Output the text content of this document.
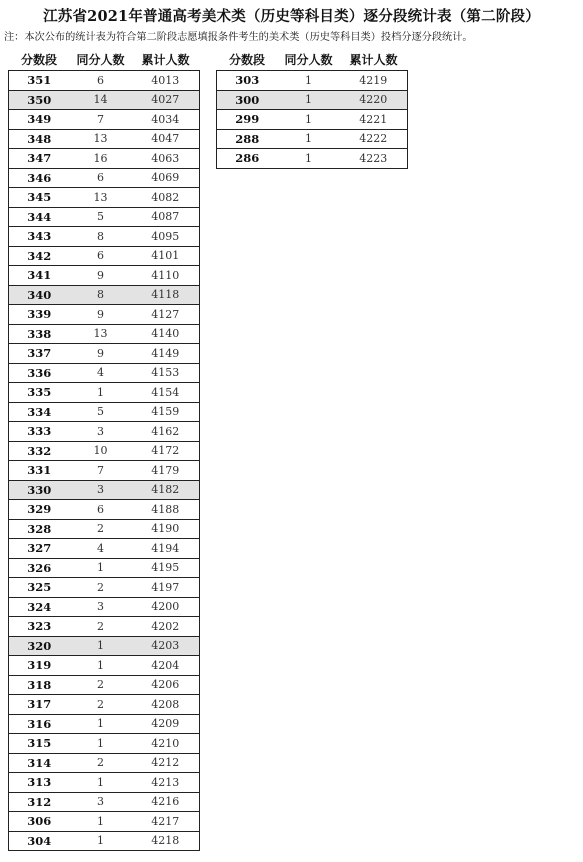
江苏省2021年普通高考美术类（历史等科目类）逐分段统计表（第二阶段）
注：本次公布的统计表为符合第二阶段志愿填报条件考生的美术类（历史等科目类）投档分逐分段统计。
分数段	同分人数	累计人数
351	6	4013
350	14	4027
349	7	4034
348	13	4047
347	16	4063
346	6	4069
345	13	4082
344	5	4087
343	8	4095
342	6	4101
341	9	4110
340	8	4118
339	9	4127
338	13	4140
337	9	4149
336	4	4153
335	1	4154
334	5	4159
333	3	4162
332	10	4172
331	7	4179
330	3	4182
329	6	4188
328	2	4190
327	4	4194
326	1	4195
325	2	4197
324	3	4200
323	2	4202
320	1	4203
319	1	4204
318	2	4206
317	2	4208
316	1	4209
315	1	4210
314	2	4212
313	1	4213
312	3	4216
306	1	4217
304	1	4218
分数段	同分人数	累计人数
303	1	4219
300	1	4220
299	1	4221
288	1	4222
286	1	4223
